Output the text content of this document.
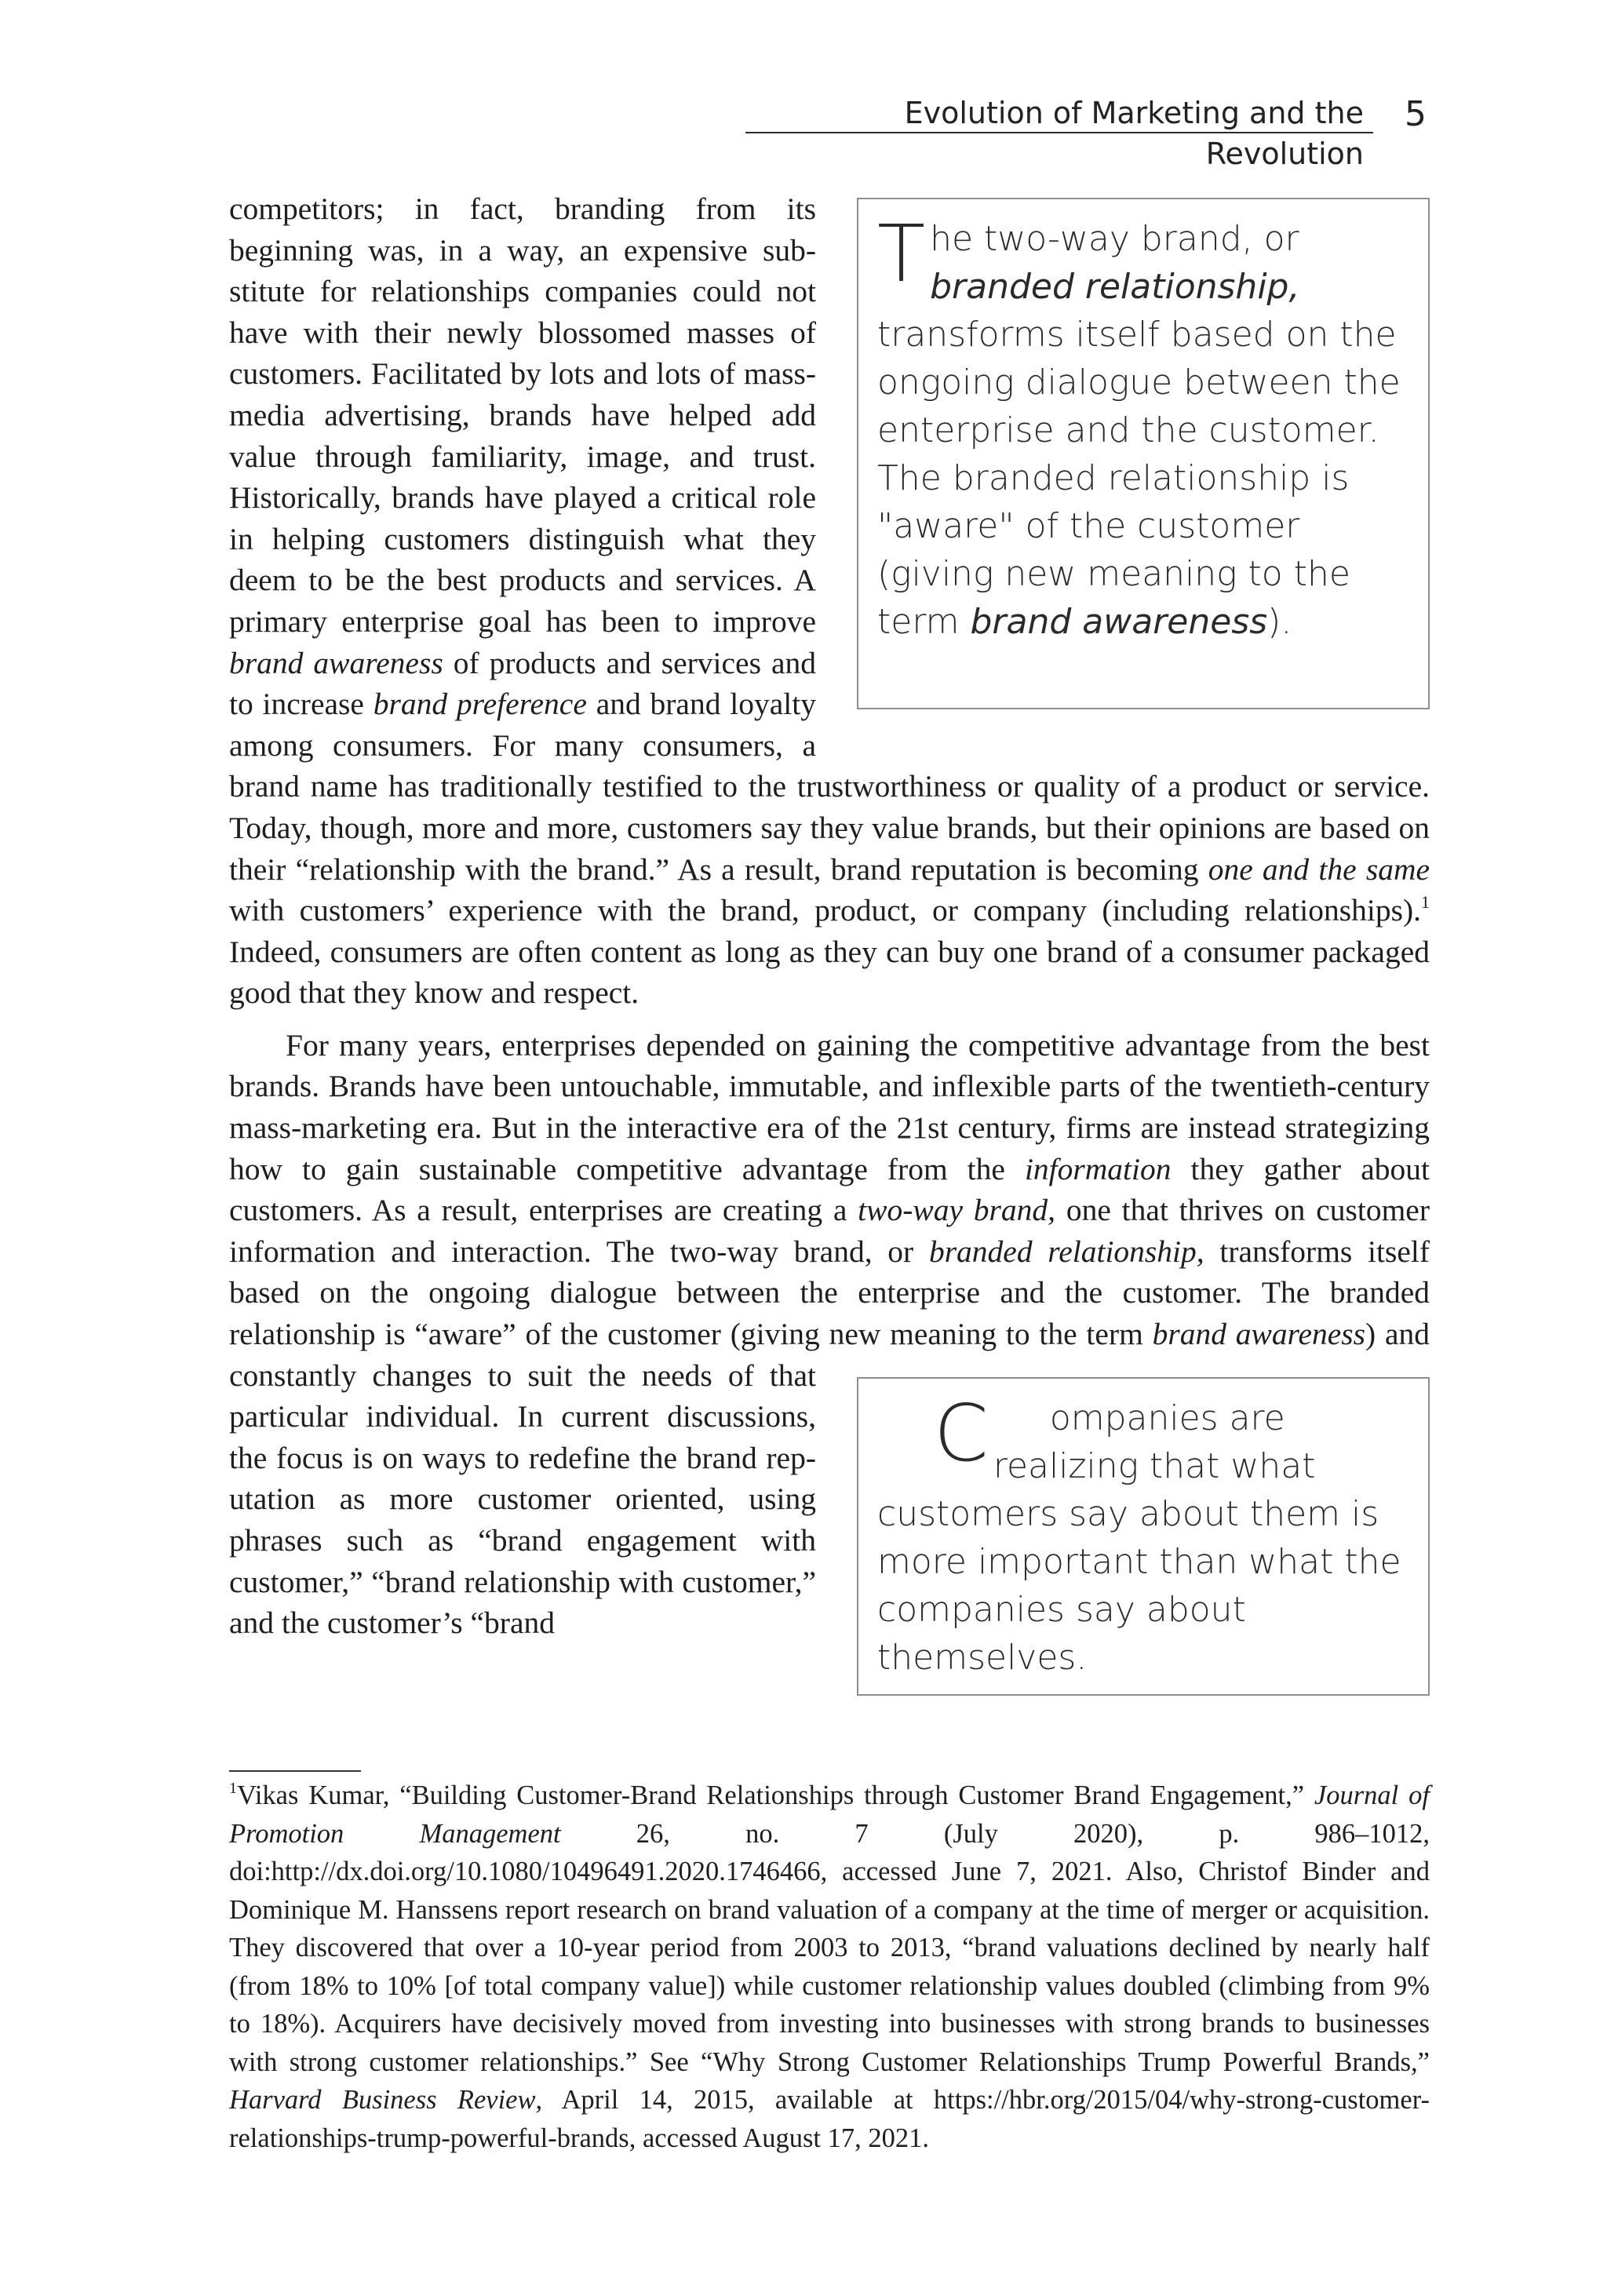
Evolution of Marketing and the Revolution
5
The two-way brand, or branded relationship, transforms itself based on the ongoing dialogue between the enterprise and the customer. The branded relationship is "aware" of the customer (giving new meaning to the term brand awareness).

competitors; in fact, branding from its beginning was, in a way, an expensive substitute for relationships companies could not have with their newly blossomed masses of customers. Facilitated by lots and lots of mass-media advertising, brands have helped add value through familiarity, image, and trust. Historically, brands have played a critical role in helping customers distinguish what they deem to be the best products and services. A primary enterprise goal has been to improve brand awareness of products and services and to increase brand preference and brand loyalty among consumers. For many consumers, a brand name has traditionally testified to the trustworthiness or quality of a product or service. Today, though, more and more, customers say they value brands, but their opinions are based on their “relationship with the brand.” As a result, brand reputation is becoming one and the same with customers’ experience with the brand, product, or company (including relationships).$^1$ Indeed, consumers are often content as long as they can buy one brand of a consumer packaged good that they know and respect.

For many years, enterprises depended on gaining the competitive advantage from the best brands. Brands have been untouchable, immutable, and inflexible parts of the twentieth-century mass-marketing era. But in the interactive era of the 21st century, firms are instead strategizing how to gain sustainable competitive advantage from the information they gather about customers. As a result, enterprises are creating a two-way brand, one that thrives on customer information and interaction. The two-way brand, or branded relationship, transforms itself based on the ongoing dialogue between the enterprise and the customer. The branded relationship is “aware” of the customer (giving new meaning to the term brand awareness) and constantly changes
C ompanies are realizing that what customers say about them is more important than what the companies say about themselves.
to suit the needs of that particular individual. In current discussions, the focus is on ways to redefine the brand reputation as more customer oriented, using phrases such as “brand engagement with customer,” “brand relationship with customer,” and the customer’s “brand

$^1$Vikas Kumar, “Building Customer-Brand Relationships through Customer Brand Engagement,” Journal of Promotion Management 26, no. 7 (July 2020), p. 986–1012, doi:http://dx.doi.org/10.1080/10496491.2020.1746466, accessed June 7, 2021. Also, Christof Binder and Dominique M. Hanssens report research on brand valuation of a company at the time of merger or acquisition. They discovered that over a 10-year period from 2003 to 2013, “brand valuations declined by nearly half (from 18% to 10% [of total company value]) while customer relationship values doubled (climbing from 9% to 18%). Acquirers have decisively moved from investing into businesses with strong brands to businesses with strong customer relationships.” See “Why Strong Customer Relationships Trump Powerful Brands,” Harvard Business Review, April 14, 2015, available at https://hbr.org/2015/04/why-strong-customer-relationships-trump-powerful-brands, accessed August 17, 2021.
